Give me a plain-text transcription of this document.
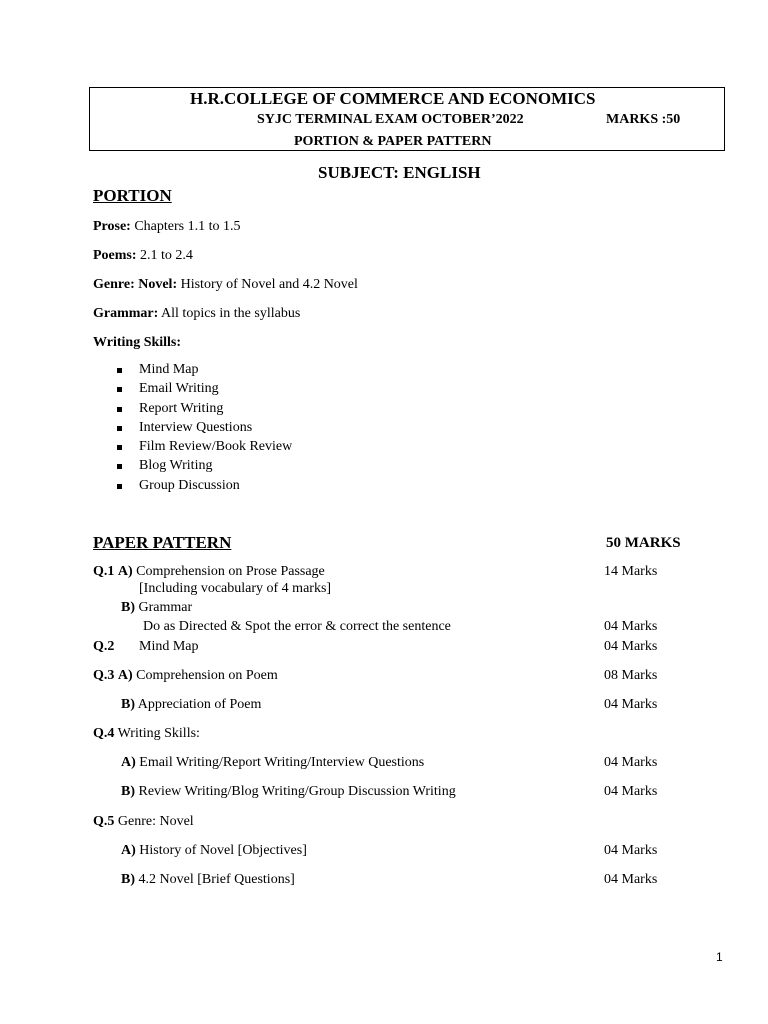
H.R.COLLEGE OF COMMERCE AND ECONOMICS
SYJC TERMINAL EXAM OCTOBER’2022	MARKS :50
PORTION & PAPER PATTERN
SUBJECT: ENGLISH
PORTION
Prose: Chapters 1.1 to 1.5
Poems: 2.1 to 2.4
Genre: Novel: History of Novel and 4.2 Novel
Grammar: All topics in the syllabus
Writing Skills:
Mind Map
Email Writing
Report Writing
Interview Questions
Film Review/Book Review
Blog Writing
Group Discussion
PAPER PATTERN	50 MARKS
Q.1 A) Comprehension on Prose Passage	14 Marks
[Including vocabulary of 4 marks]
B) Grammar
Do as Directed & Spot the error & correct the sentence	04 Marks
Q.2 Mind Map	04 Marks
Q.3 A) Comprehension on Poem	08 Marks
B) Appreciation of Poem	04 Marks
Q.4 Writing Skills:
A) Email Writing/Report Writing/Interview Questions	04 Marks
B) Review Writing/Blog Writing/Group Discussion Writing	04 Marks
Q.5 Genre: Novel
A) History of Novel [Objectives]	04 Marks
B) 4.2 Novel [Brief Questions]	04 Marks
1
